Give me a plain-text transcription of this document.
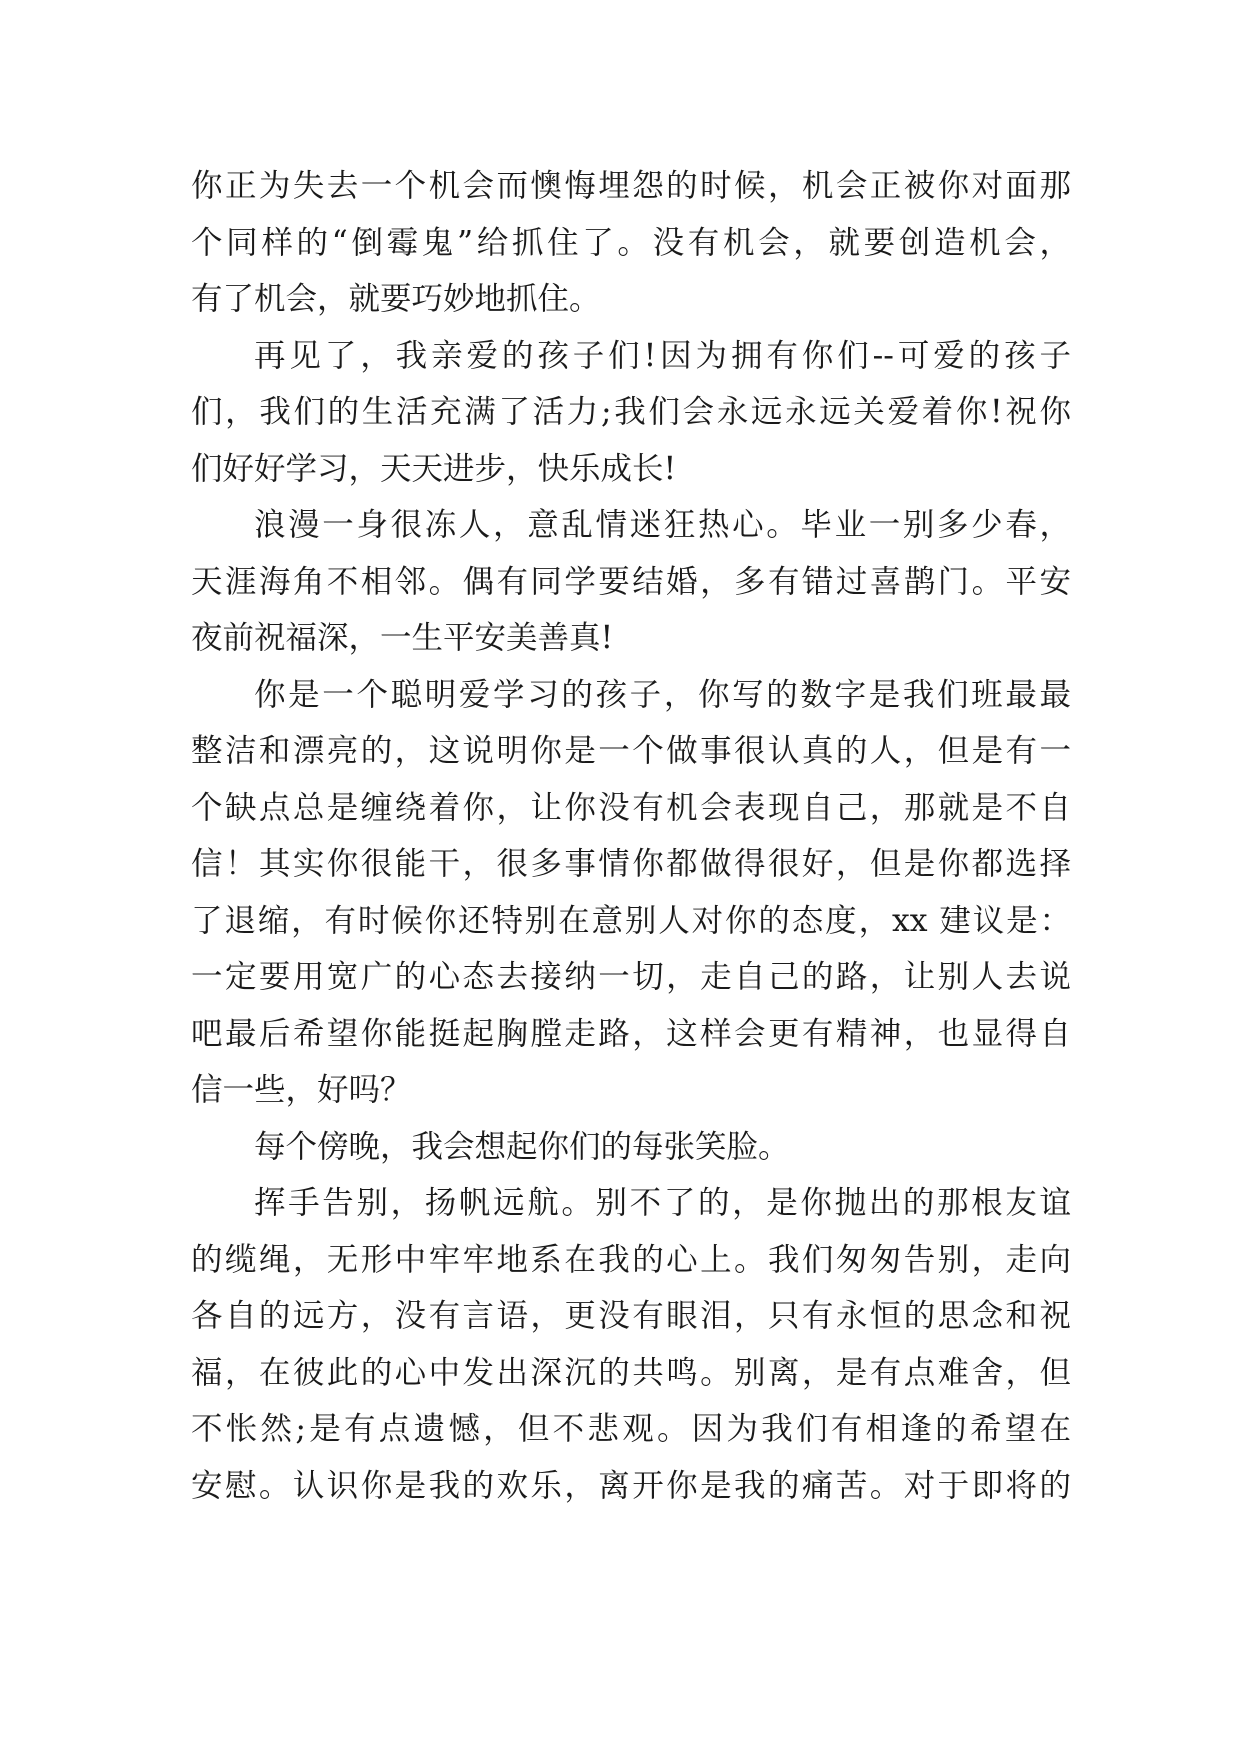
你正为失去一个机会而懊悔埋怨的时候，机会正被你对面那
个同样的“倒霉鬼”给抓住了。没有机会，就要创造机会，
有了机会，就要巧妙地抓住。
再见了，我亲爱的孩子们!因为拥有你们--可爱的孩子
们，我们的生活充满了活力;我们会永远永远关爱着你!祝你
们好好学习，天天进步，快乐成长!
浪漫一身很冻人，意乱情迷狂热心。毕业一别多少春，
天涯海角不相邻。偶有同学要结婚，多有错过喜鹊门。平安
夜前祝福深，一生平安美善真!
你是一个聪明爱学习的孩子，你写的数字是我们班最最
整洁和漂亮的，这说明你是一个做事很认真的人，但是有一
个缺点总是缠绕着你，让你没有机会表现自己，那就是不自
信！其实你很能干，很多事情你都做得很好，但是你都选择
了退缩，有时候你还特别在意别人对你的态度，xx 建议是：
一定要用宽广的心态去接纳一切，走自己的路，让别人去说
吧最后希望你能挺起胸膛走路，这样会更有精神，也显得自
信一些，好吗？
每个傍晚，我会想起你们的每张笑脸。
挥手告别，扬帆远航。别不了的，是你抛出的那根友谊
的缆绳，无形中牢牢地系在我的心上。我们匆匆告别，走向
各自的远方，没有言语，更没有眼泪，只有永恒的思念和祝
福，在彼此的心中发出深沉的共鸣。别离，是有点难舍，但
不怅然;是有点遗憾，但不悲观。因为我们有相逢的希望在
安慰。认识你是我的欢乐，离开你是我的痛苦。对于即将的
